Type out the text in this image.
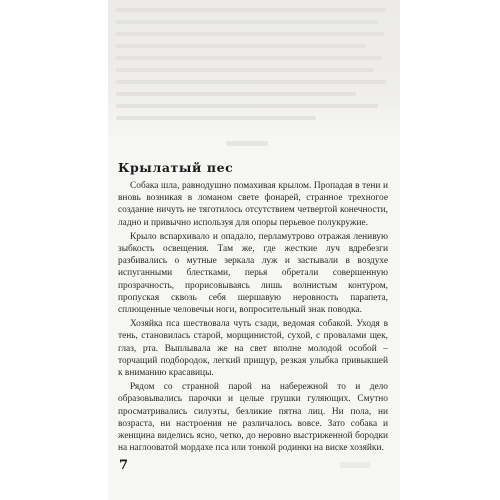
Крылатый пес

Собака шла, равнодушно помахивая крылом. Пропадая в тени и вновь возникая в ломаном свете фонарей, странное трехногое создание ничуть не тяготилось отсутствием четвертой конечности, ладно и привычно используя для опоры перьевое полукружие.

Крыло вспархивало и опадало, перламутрово отражая ленивую зыбкость освещения. Там же, где жесткие луч вдребезги разбивались о мутные зеркала луж и застывали в воздухе испуганными блестками, перья обретали совершенную прозрачность, прорисовываясь лишь волнистым контуром, пропуская сквозь себя шершавую неровность парапета, сплющенные человечьи ноги, вопросительный знак поводка.

Хозяйка пса шествовала чуть сзади, ведомая собакой. Уходя в тень, становилась старой, морщинистой, сухой, с провалами щек, глаз, рта. Выплывала же на свет вполне молодой особой – торчащий подбородок, легкий прищур, резкая улыбка привыкшей к вниманию красавицы.

Рядом со странной парой на набережной то и дело образовывались парочки и целые грушки гуляющих. Смутно просматривались силуэты, безликие пятна лиц. Ни пола, ни возраста, ни настроения не различалось вовсе. Зато собака и женщина виделись ясно, четко, до неровно выстриженной бородки на наглооватой мордахе пса или тонкой родинки на виске хозяйки.

7
